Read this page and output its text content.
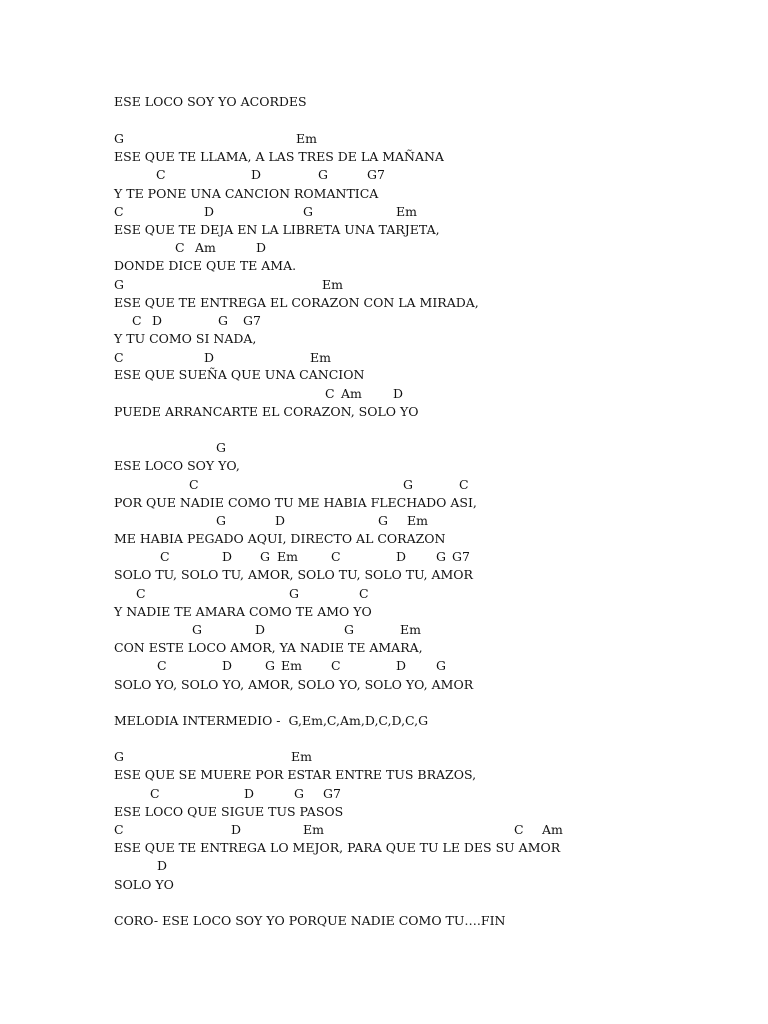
ESE LOCO SOY YO ACORDES
G	Em
ESE QUE TE LLAMA, A LAS TRES DE LA MAÑANA
C	D	G	G7
Y TE PONE UNA CANCION ROMANTICA
C	D	G	Em
ESE QUE TE DEJA EN LA LIBRETA UNA TARJETA,
C Am	D
DONDE DICE QUE TE AMA.
G	Em
ESE QUE TE ENTREGA EL CORAZON CON LA MIRADA,
C D	G G7
Y TU COMO SI NADA,
C	D	Em
ESE QUE SUEÑA QUE UNA CANCION
C Am D
PUEDE ARRANCARTE EL CORAZON, SOLO YO
G
ESE LOCO SOY YO,
C	G	C
POR QUE NADIE COMO TU ME HABIA FLECHADO ASI,
G	D	G Em
ME HABIA PEGADO AQUI, DIRECTO AL CORAZON
C	D G Em	C	D G G7
SOLO TU, SOLO TU, AMOR, SOLO TU, SOLO TU, AMOR
C	G	C
Y NADIE TE AMARA COMO TE AMO YO
G	D	G	Em
CON ESTE LOCO AMOR, YA NADIE TE AMARA,
C	D	G Em C	D G
SOLO YO, SOLO YO, AMOR, SOLO YO, SOLO YO, AMOR
MELODIA INTERMEDIO -  G,Em,C,Am,D,C,D,C,G
G	Em
ESE QUE SE MUERE POR ESTAR ENTRE TUS BRAZOS,
C	D	G G7
ESE LOCO QUE SIGUE TUS PASOS
C	D	Em	C Am
ESE QUE TE ENTREGA LO MEJOR, PARA QUE TU LE DES SU AMOR
D
SOLO YO
CORO- ESE LOCO SOY YO PORQUE NADIE COMO TU….FIN
